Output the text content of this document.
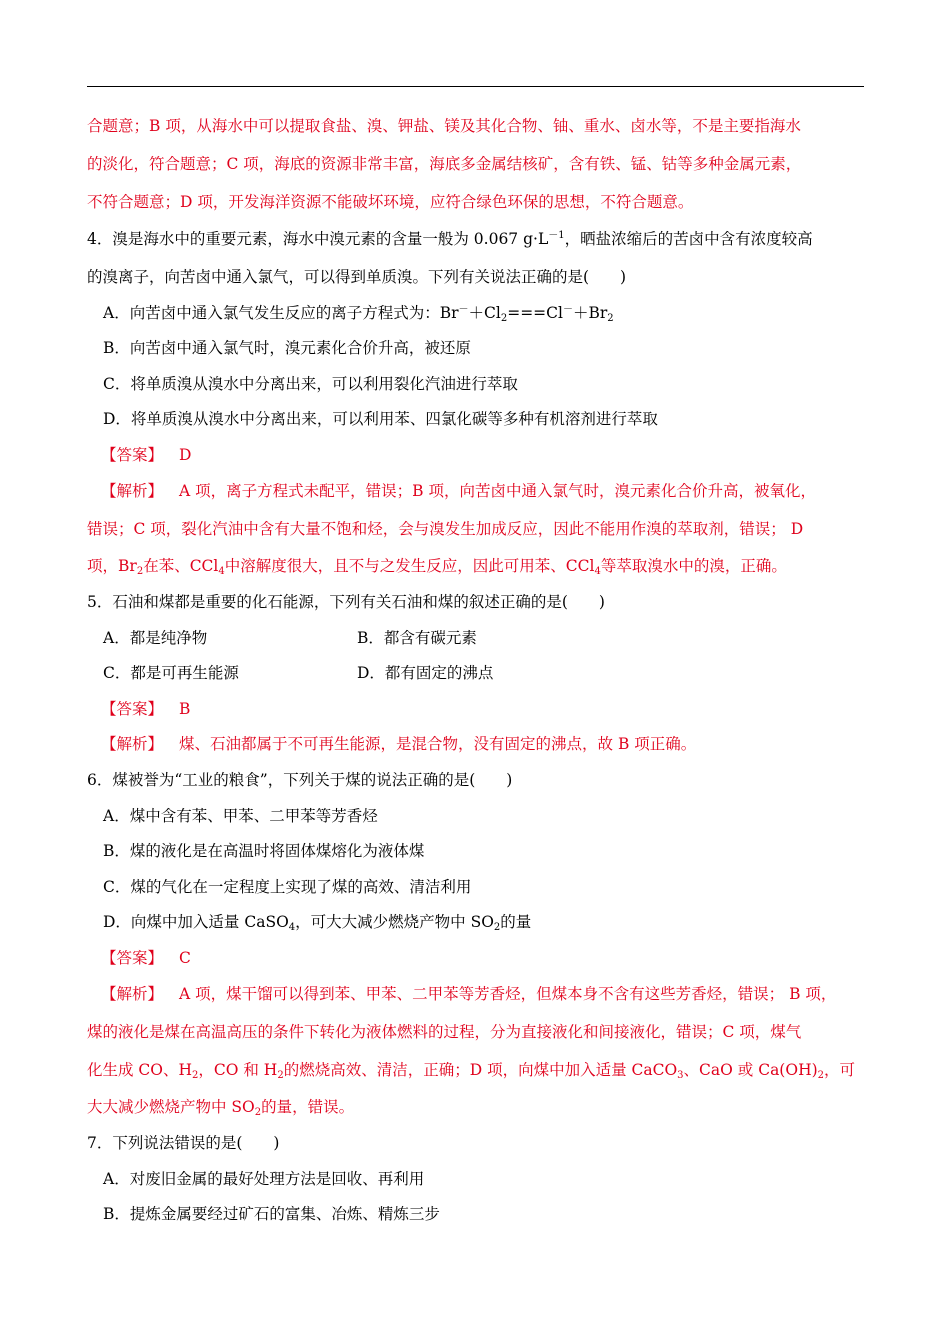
合题意；B 项，从海水中可以提取食盐、溴、钾盐、镁及其化合物、铀、重水、卤水等，不是主要指海水
的淡化，符合题意；C 项，海底的资源非常丰富，海底多金属结核矿，含有铁、锰、钴等多种金属元素，
不符合题意；D 项，开发海洋资源不能破坏环境，应符合绿色环保的思想，不符合题意。
4．溴是海水中的重要元素，海水中溴元素的含量一般为 0.067 $g\cdot L^{-1}$，晒盐浓缩后的苦卤中含有浓度较高
的溴离子，向苦卤中通入氯气，可以得到单质溴。下列有关说法正确的是(　　)
A．向苦卤中通入氯气发生反应的离子方程式为：$Br^-+Cl_2===Cl^-+Br_2$
B．向苦卤中通入氯气时，溴元素化合价升高，被还原
C．将单质溴从溴水中分离出来，可以利用裂化汽油进行萃取
D．将单质溴从溴水中分离出来，可以利用苯、四氯化碳等多种有机溶剂进行萃取
【答案】 D
【解析】 A 项，离子方程式未配平，错误；B 项，向苦卤中通入氯气时，溴元素化合价升高，被氧化，
错误；C 项，裂化汽油中含有大量不饱和烃，会与溴发生加成反应，因此不能用作溴的萃取剂，错误； D
项，$Br_2$在苯、CCl$_4$中溶解度很大，且不与之发生反应，因此可用苯、CCl$_4$等萃取溴水中的溴，正确。
5．石油和煤都是重要的化石能源，下列有关石油和煤的叙述正确的是(　　)
A．都是纯净物	B．都含有碳元素
C．都是可再生能源	D．都有固定的沸点
【答案】 B
【解析】 煤、石油都属于不可再生能源，是混合物，没有固定的沸点，故 B 项正确。
6．煤被誉为“工业的粮食”，下列关于煤的说法正确的是(　　)
A．煤中含有苯、甲苯、二甲苯等芳香烃
B．煤的液化是在高温时将固体煤熔化为液体煤
C．煤的气化在一定程度上实现了煤的高效、清洁利用
D．向煤中加入适量 CaSO$_4$，可大大减少燃烧产物中 $SO_2$的量
【答案】 C
【解析】 A 项，煤干馏可以得到苯、甲苯、二甲苯等芳香烃，但煤本身不含有这些芳香烃，错误； B 项，
煤的液化是煤在高温高压的条件下转化为液体燃料的过程，分为直接液化和间接液化，错误；C 项，煤气
化生成 CO、$H_2$，CO 和 $H_2$的燃烧高效、清洁，正确；D 项，向煤中加入适量 CaCO$_3$、CaO 或 $Ca(OH)_2$，可
大大减少燃烧产物中 $SO_2$的量，错误。
7．下列说法错误的是(　　)
A．对废旧金属的最好处理方法是回收、再利用
B．提炼金属要经过矿石的富集、冶炼、精炼三步
